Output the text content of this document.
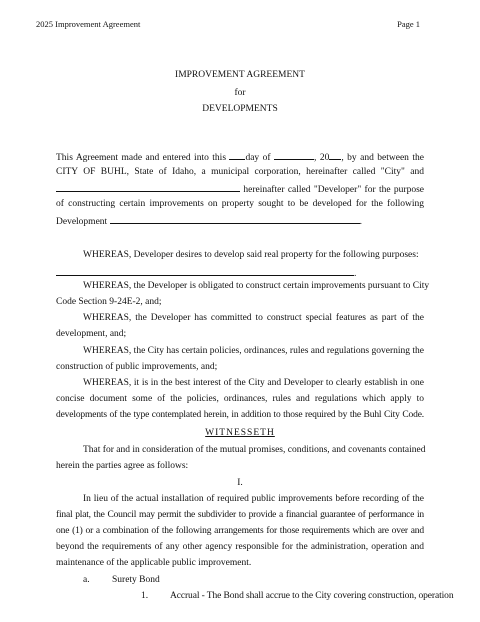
2025 Improvement Agreement	Page 1
IMPROVEMENT AGREEMENT
for
DEVELOPMENTS
This Agreement made and entered into this day of	, 20 , by and between the
CITY OF BUHL, State of Idaho, a municipal corporation, hereinafter called "City" and
hereinafter called "Developer" for the purpose
of constructing certain improvements on property sought to be developed for the following
Development	.
WHEREAS, Developer desires to develop said real property for the following purposes:
.
WHEREAS, the Developer is obligated to construct certain improvements pursuant to City
Code Section 9-24E-2, and;
WHEREAS, the Developer has committed to construct special features as part of the
development, and;
WHEREAS, the City has certain policies, ordinances, rules and regulations governing the
construction of public improvements, and;
WHEREAS, it is in the best interest of the City and Developer to clearly establish in one
concise document some of the policies, ordinances, rules and regulations which apply to
developments of the type contemplated herein, in addition to those required by the Buhl City Code.
WITNESSETH
That for and in consideration of the mutual promises, conditions, and covenants contained
herein the parties agree as follows:
I.
In lieu of the actual installation of required public improvements before recording of the
final plat, the Council may permit the subdivider to provide a financial guarantee of performance in
one (1) or a combination of the following arrangements for those requirements which are over and
beyond the requirements of any other agency responsible for the administration, operation and
maintenance of the applicable public improvement.
a.	Surety Bond
1.	Accrual - The Bond shall accrue to the City covering construction, operation
